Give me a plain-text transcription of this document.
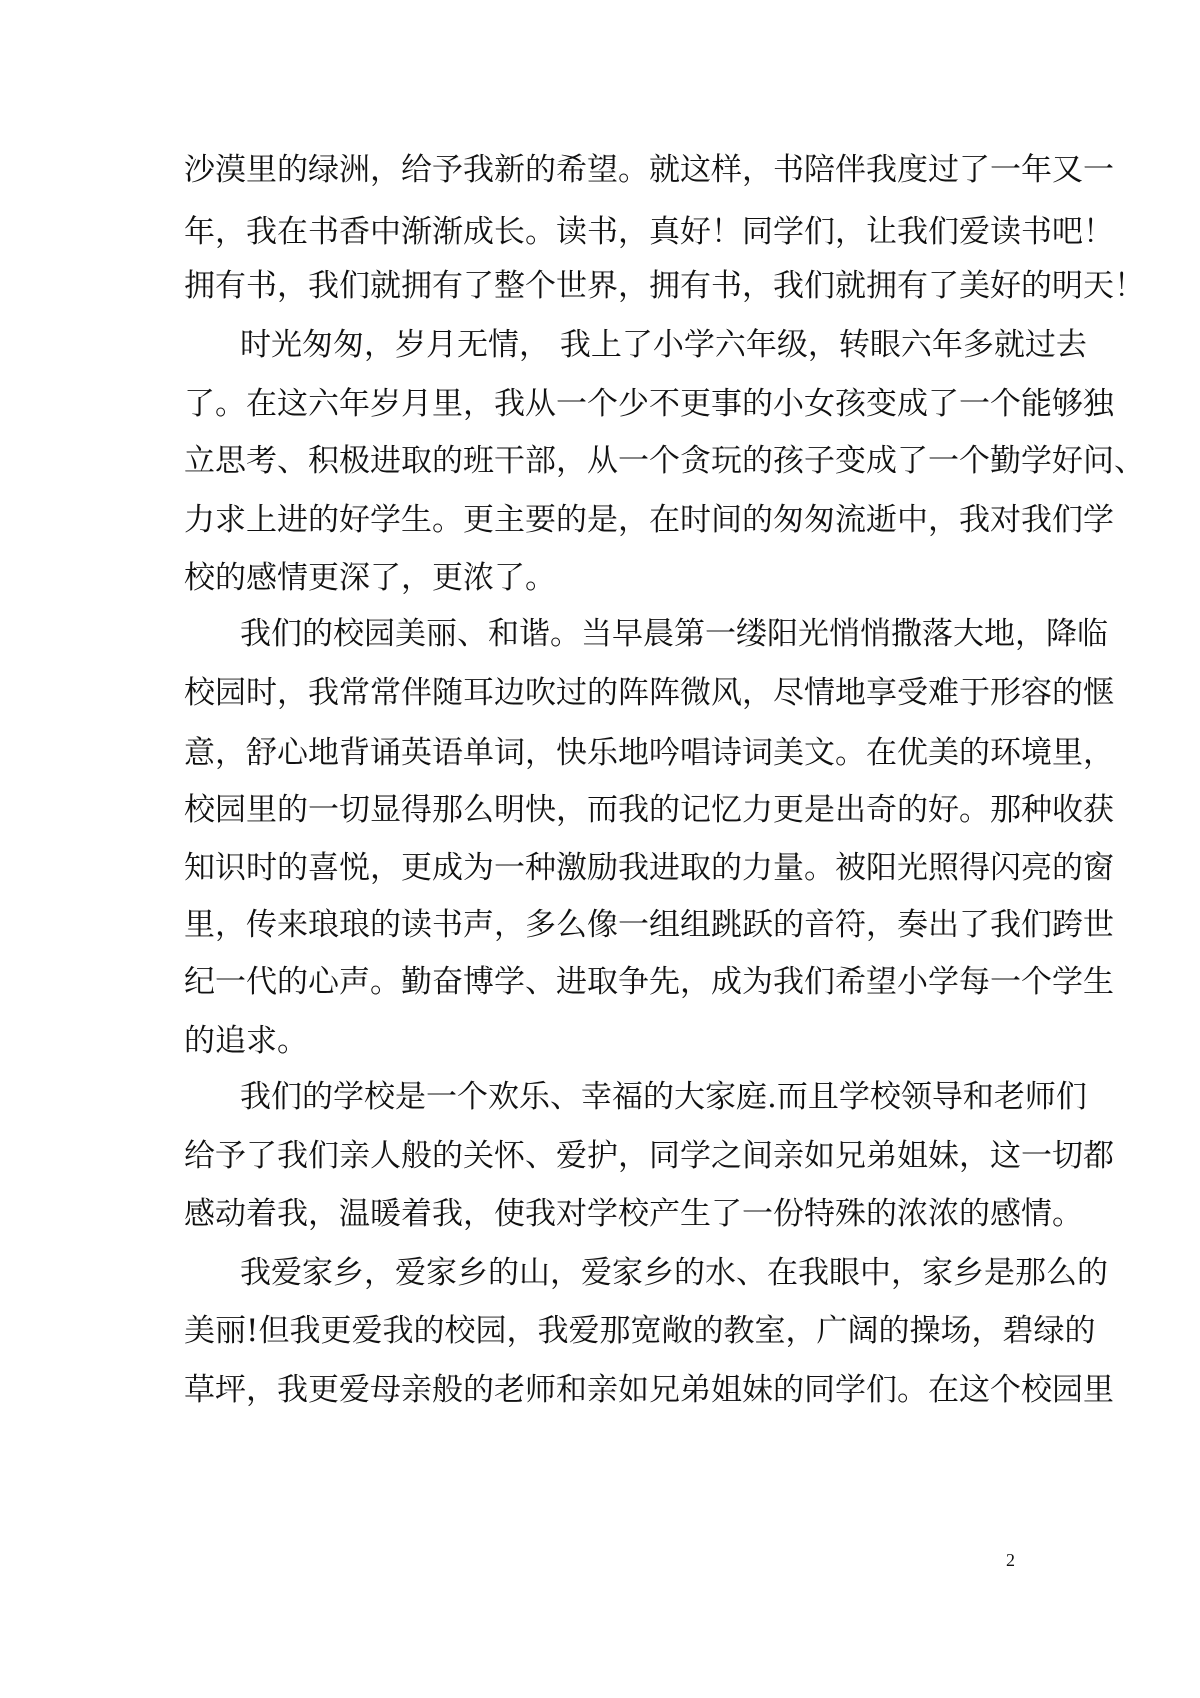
沙漠里的绿洲，给予我新的希望。就这样，书陪伴我度过了一年又一
年，我在书香中渐渐成长。读书，真好！同学们，让我们爱读书吧！
拥有书，我们就拥有了整个世界，拥有书，我们就拥有了美好的明天！
时光匆匆，岁月无情， 我上了小学六年级，转眼六年多就过去
了。在这六年岁月里，我从一个少不更事的小女孩变成了一个能够独
立思考、积极进取的班干部，从一个贪玩的孩子变成了一个勤学好问、
力求上进的好学生。更主要的是，在时间的匆匆流逝中，我对我们学
校的感情更深了，更浓了。
我们的校园美丽、和谐。当早晨第一缕阳光悄悄撒落大地，降临
校园时，我常常伴随耳边吹过的阵阵微风，尽情地享受难于形容的惬
意，舒心地背诵英语单词，快乐地吟唱诗词美文。在优美的环境里，
校园里的一切显得那么明快，而我的记忆力更是出奇的好。那种收获
知识时的喜悦，更成为一种激励我进取的力量。被阳光照得闪亮的窗
里，传来琅琅的读书声，多么像一组组跳跃的音符，奏出了我们跨世
纪一代的心声。勤奋博学、进取争先，成为我们希望小学每一个学生
的追求。
我们的学校是一个欢乐、幸福的大家庭.而且学校领导和老师们
给予了我们亲人般的关怀、爱护，同学之间亲如兄弟姐妹，这一切都
感动着我，温暖着我，使我对学校产生了一份特殊的浓浓的感情。
我爱家乡，爱家乡的山，爱家乡的水、在我眼中，家乡是那么的
美丽!但我更爱我的校园，我爱那宽敞的教室，广阔的操场，碧绿的
草坪，我更爱母亲般的老师和亲如兄弟姐妹的同学们。在这个校园里
2
